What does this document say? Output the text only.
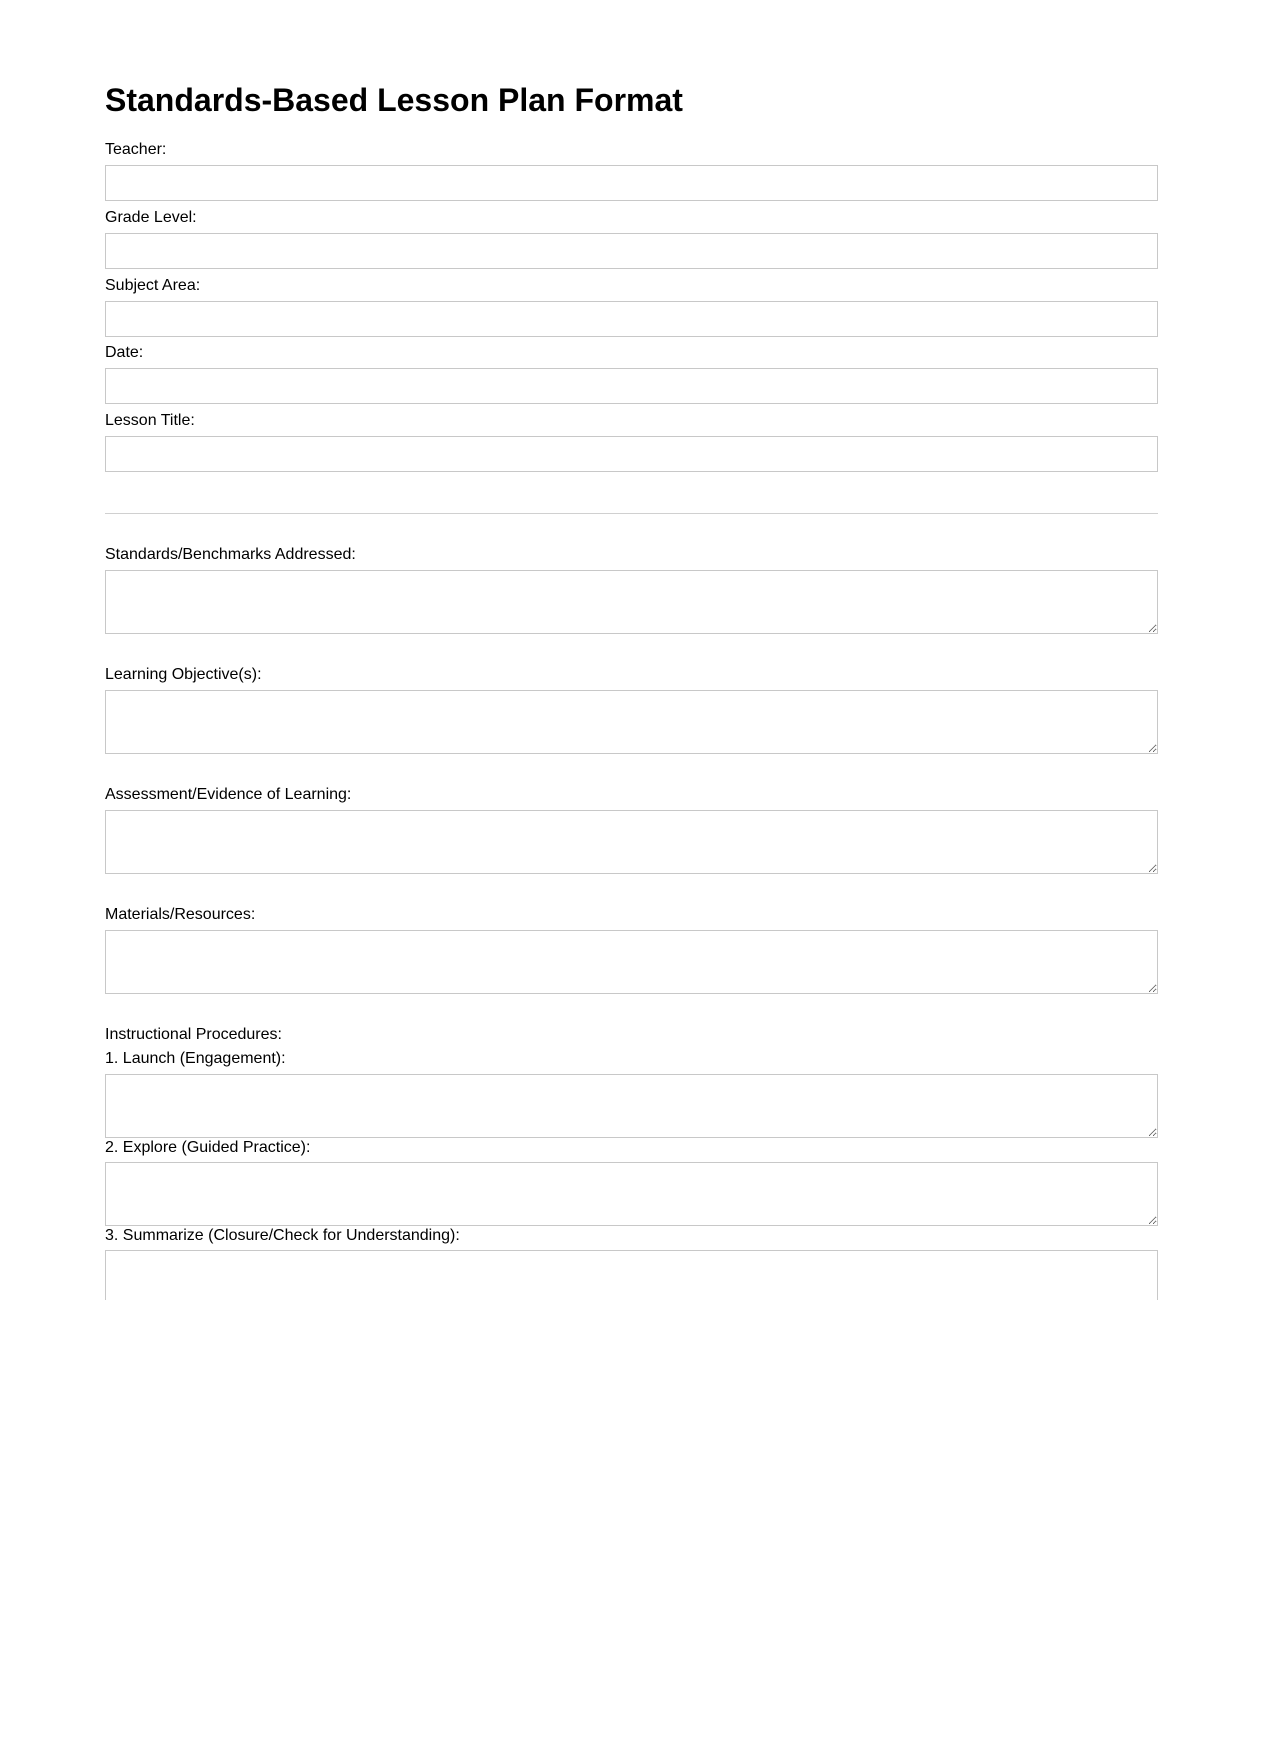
Standards-Based Lesson Plan Format
Teacher:
Grade Level:
Subject Area:
Date:
Lesson Title:
Standards/Benchmarks Addressed:
Learning Objective(s):
Assessment/Evidence of Learning:
Materials/Resources:
Instructional Procedures:
1. Launch (Engagement):
2. Explore (Guided Practice):
3. Summarize (Closure/Check for Understanding):
